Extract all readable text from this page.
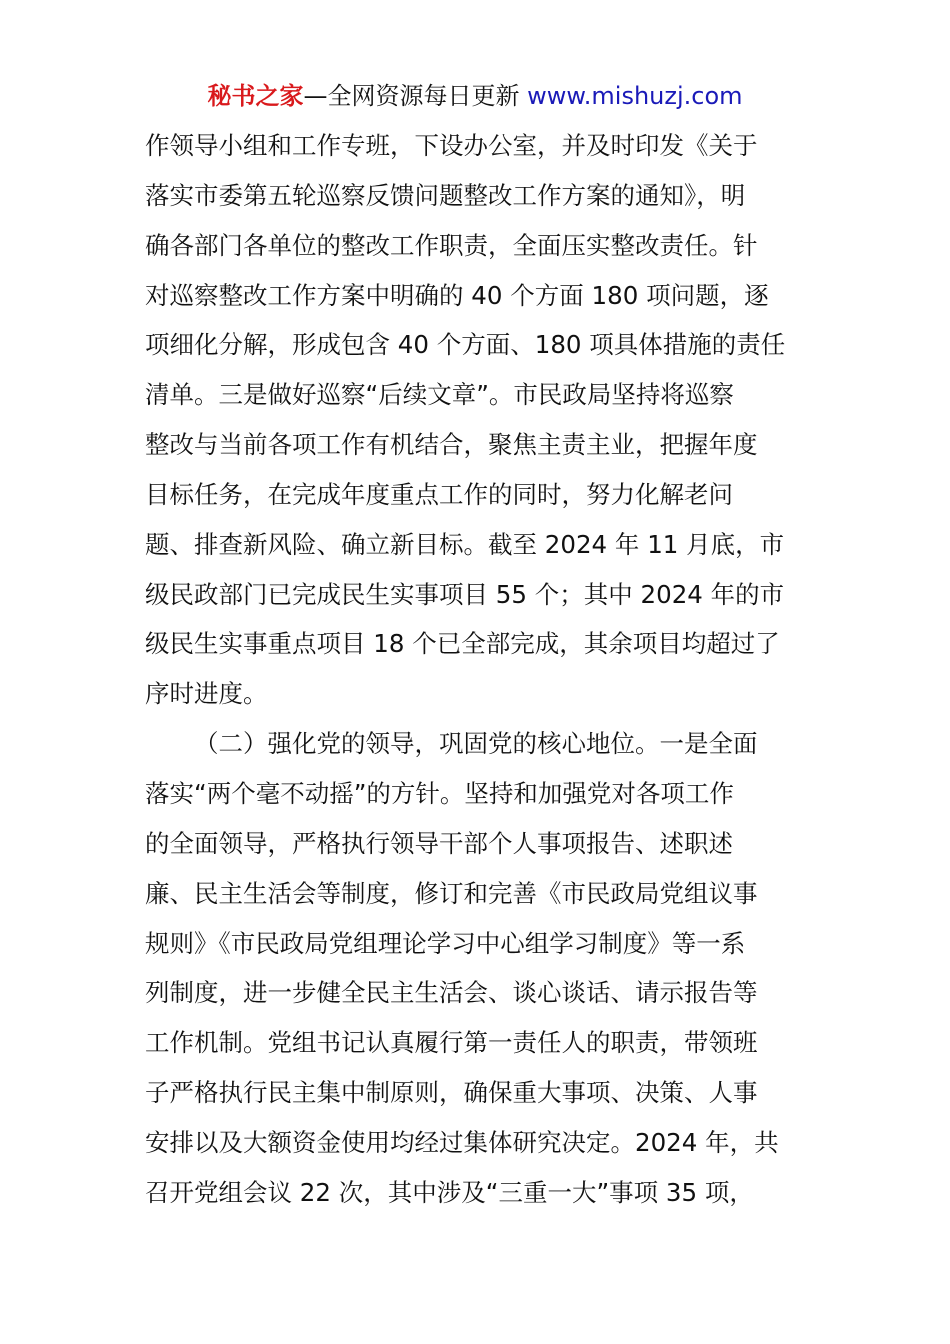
秘书之家—全网资源每日更新 www.mishuzj.com
作领导小组和工作专班，下设办公室，并及时印发《关于
落实市委第五轮巡察反馈问题整改工作方案的通知》，明
确各部门各单位的整改工作职责，全面压实整改责任。针
对巡察整改工作方案中明确的 40 个方面 180 项问题，逐
项细化分解，形成包含 40 个方面、180 项具体措施的责任
清单。三是做好巡察“后续文章”。市民政局坚持将巡察
整改与当前各项工作有机结合，聚焦主责主业，把握年度
目标任务，在完成年度重点工作的同时，努力化解老问
题、排查新风险、确立新目标。截至 2024 年 11 月底，市
级民政部门已完成民生实事项目 55 个；其中 2024 年的市
级民生实事重点项目 18 个已全部完成，其余项目均超过了
序时进度。
（二）强化党的领导，巩固党的核心地位。一是全面
落实“两个毫不动摇”的方针。坚持和加强党对各项工作
的全面领导，严格执行领导干部个人事项报告、述职述
廉、民主生活会等制度，修订和完善《市民政局党组议事
规则》《市民政局党组理论学习中心组学习制度》等一系
列制度，进一步健全民主生活会、谈心谈话、请示报告等
工作机制。党组书记认真履行第一责任人的职责，带领班
子严格执行民主集中制原则，确保重大事项、决策、人事
安排以及大额资金使用均经过集体研究决定。2024 年，共
召开党组会议 22 次，其中涉及“三重一大”事项 35 项，
